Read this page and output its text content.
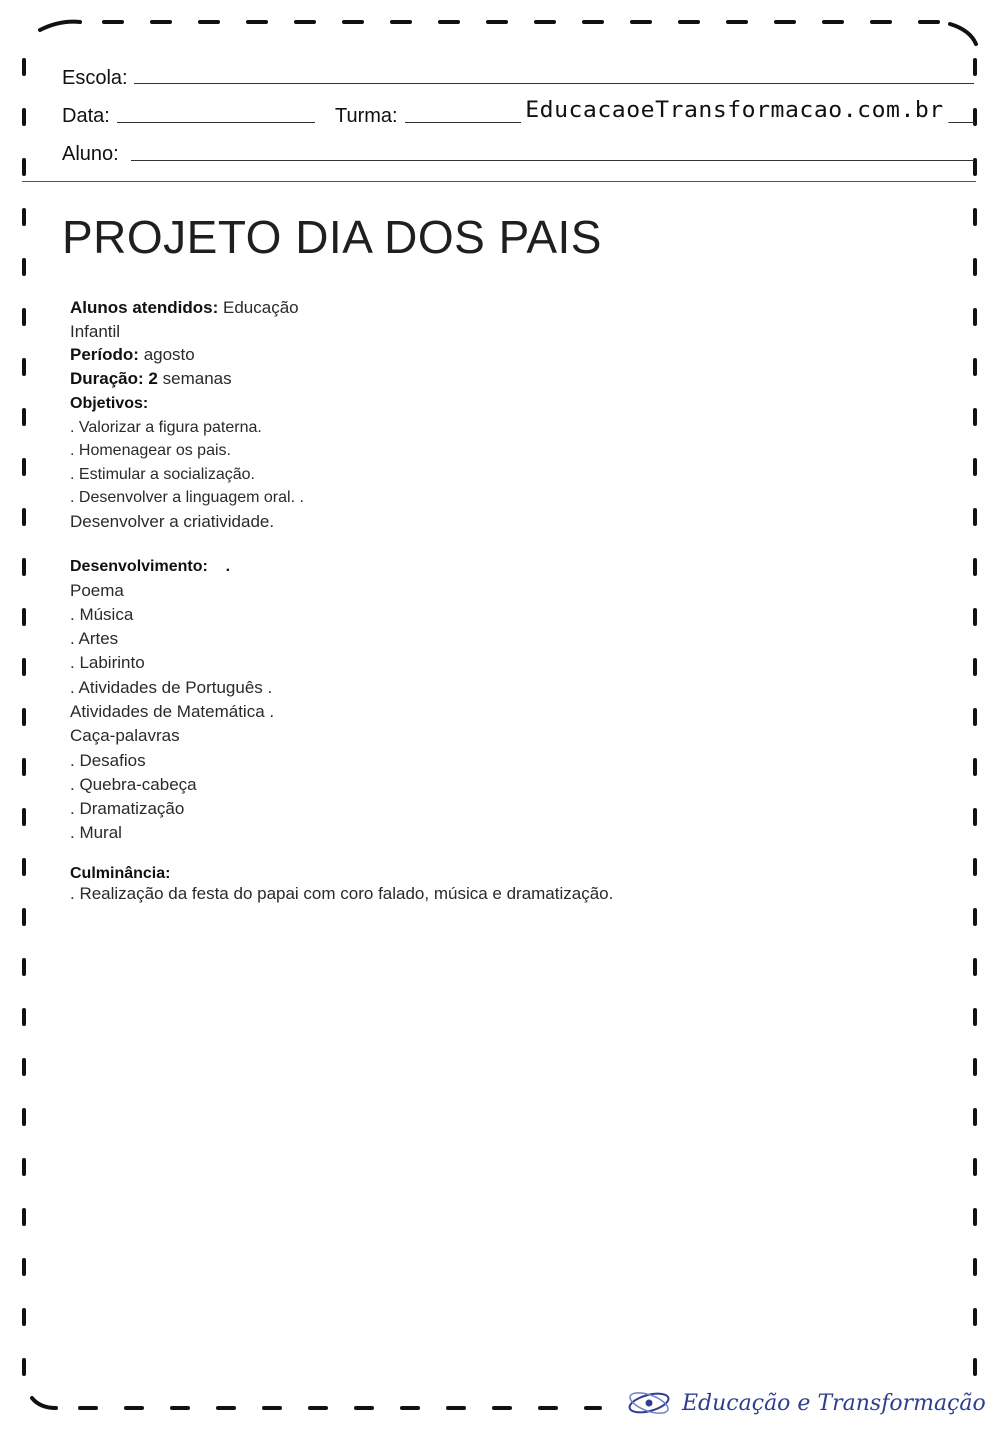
Escola:
Data:	Turma:	EducacaoeTransformacao.com.br
Aluno:
PROJETO DIA DOS PAIS
Alunos atendidos: Educação
Infantil
Período: agosto
Duração: 2 semanas
Objetivos:
. Valorizar a figura paterna.
. Homenagear os pais.
. Estimular a socialização.
. Desenvolver a linguagem oral. .
Desenvolver a criatividade.
Desenvolvimento: .
Poema
. Música
. Artes
. Labirinto
. Atividades de Português .
Atividades de Matemática .
Caça-palavras
. Desafios
. Quebra-cabeça
. Dramatização
. Mural
Culminância:
. Realização da festa do papai com coro falado, música e dramatização.
Educação e Transformação
